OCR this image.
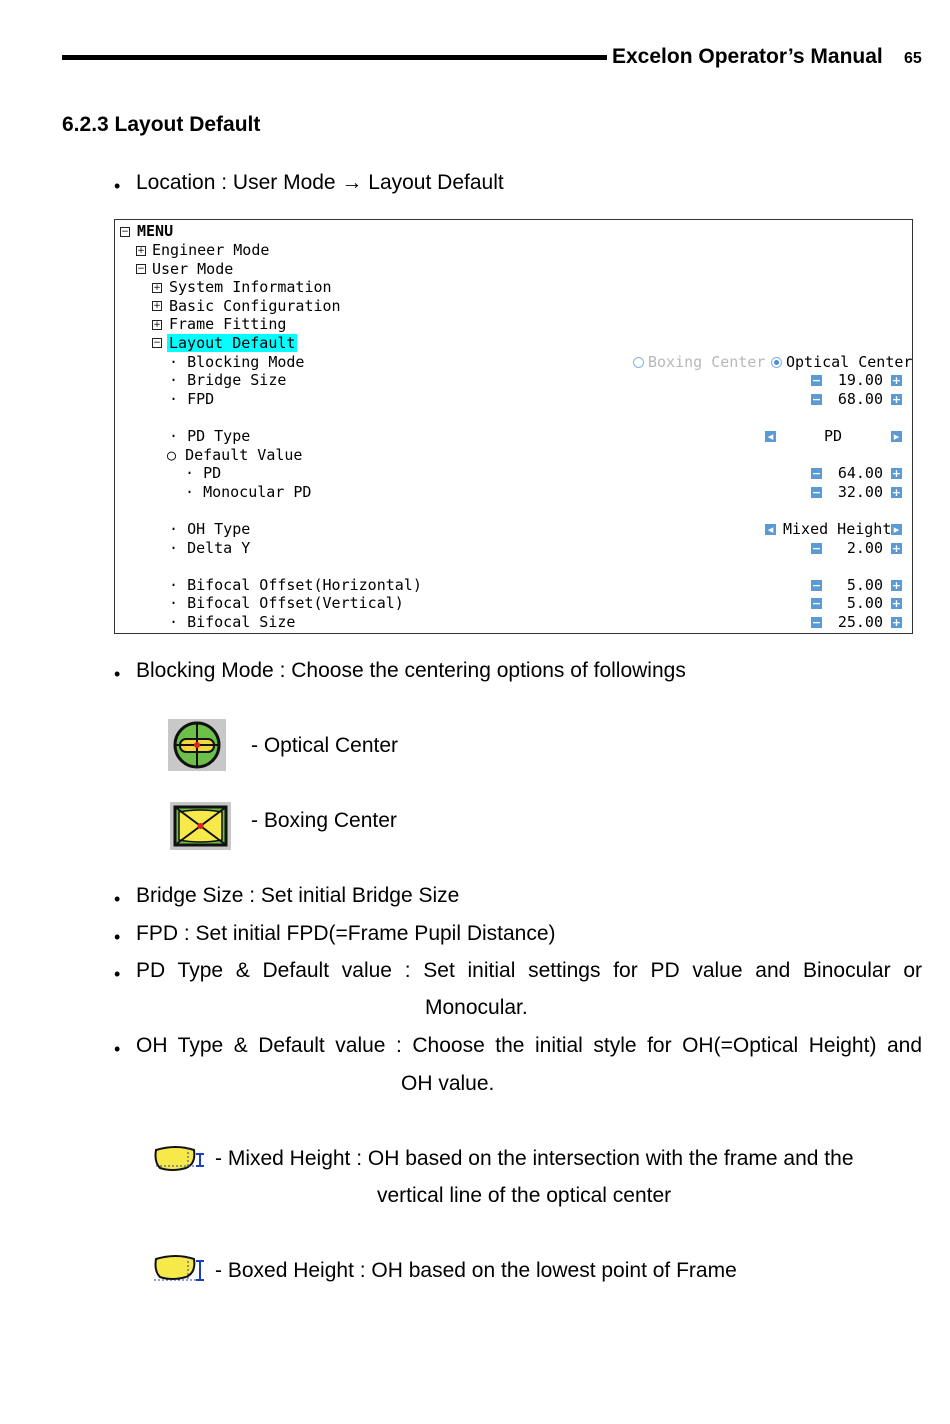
Excelon Operator’s Manual 65
6.2.3 Layout Default
• Location : User Mode → Layout Default
− MENU
+ Engineer Mode
− User Mode
+ System Information
+ Basic Configuration
+ Frame Fitting
− Layout Default
· Blocking Mode	Boxing Center Optical Center
· Bridge Size	−	19.00 +
· FPD	−	68.00 +
· PD Type	◂	PD	▸
○ Default Value
· PD	−	64.00 +
· Monocular PD	−	32.00 +
· OH Type	◂ Mixed Height ▸
· Delta Y	−	2.00 +
· Bifocal Offset(Horizontal)	−	5.00 +
· Bifocal Offset(Vertical)	−	5.00 +
· Bifocal Size	−	25.00 +
• Blocking Mode : Choose the centering options of followings
- Optical Center
- Boxing Center
• Bridge Size : Set initial Bridge Size
• FPD : Set initial FPD(=Frame Pupil Distance)
• PD Type & Default value : Set initial settings for PD value and Binocular or
Monocular.
• OH Type & Default value : Choose the initial style for OH(=Optical Height) and
OH value.
- Mixed Height : OH based on the intersection with the frame and the
vertical line of the optical center
- Boxed Height : OH based on the lowest point of Frame
